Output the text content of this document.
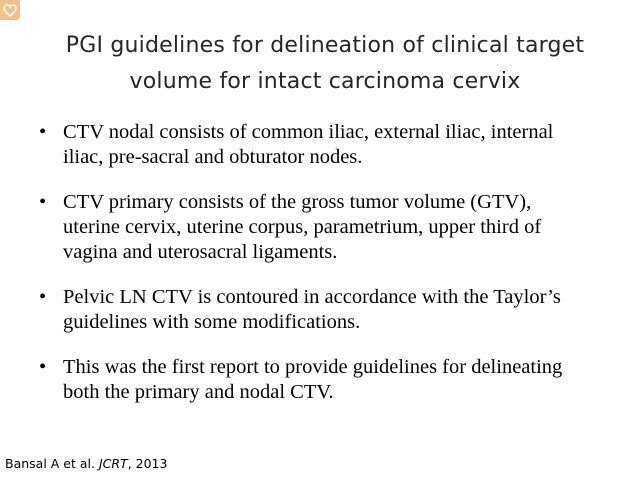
PGI guidelines for delineation of clinical target volume for intact carcinoma cervix
• CTV nodal consists of common iliac, external iliac, internal iliac, pre-sacral and obturator nodes.
• CTV primary consists of the gross tumor volume (GTV), uterine cervix, uterine corpus, parametrium, upper third of vagina and uterosacral ligaments.
• Pelvic LN CTV is contoured in accordance with the Taylor’s guidelines with some modifications.
• This was the first report to provide guidelines for delineating both the primary and nodal CTV.
Bansal A et al. JCRT, 2013
